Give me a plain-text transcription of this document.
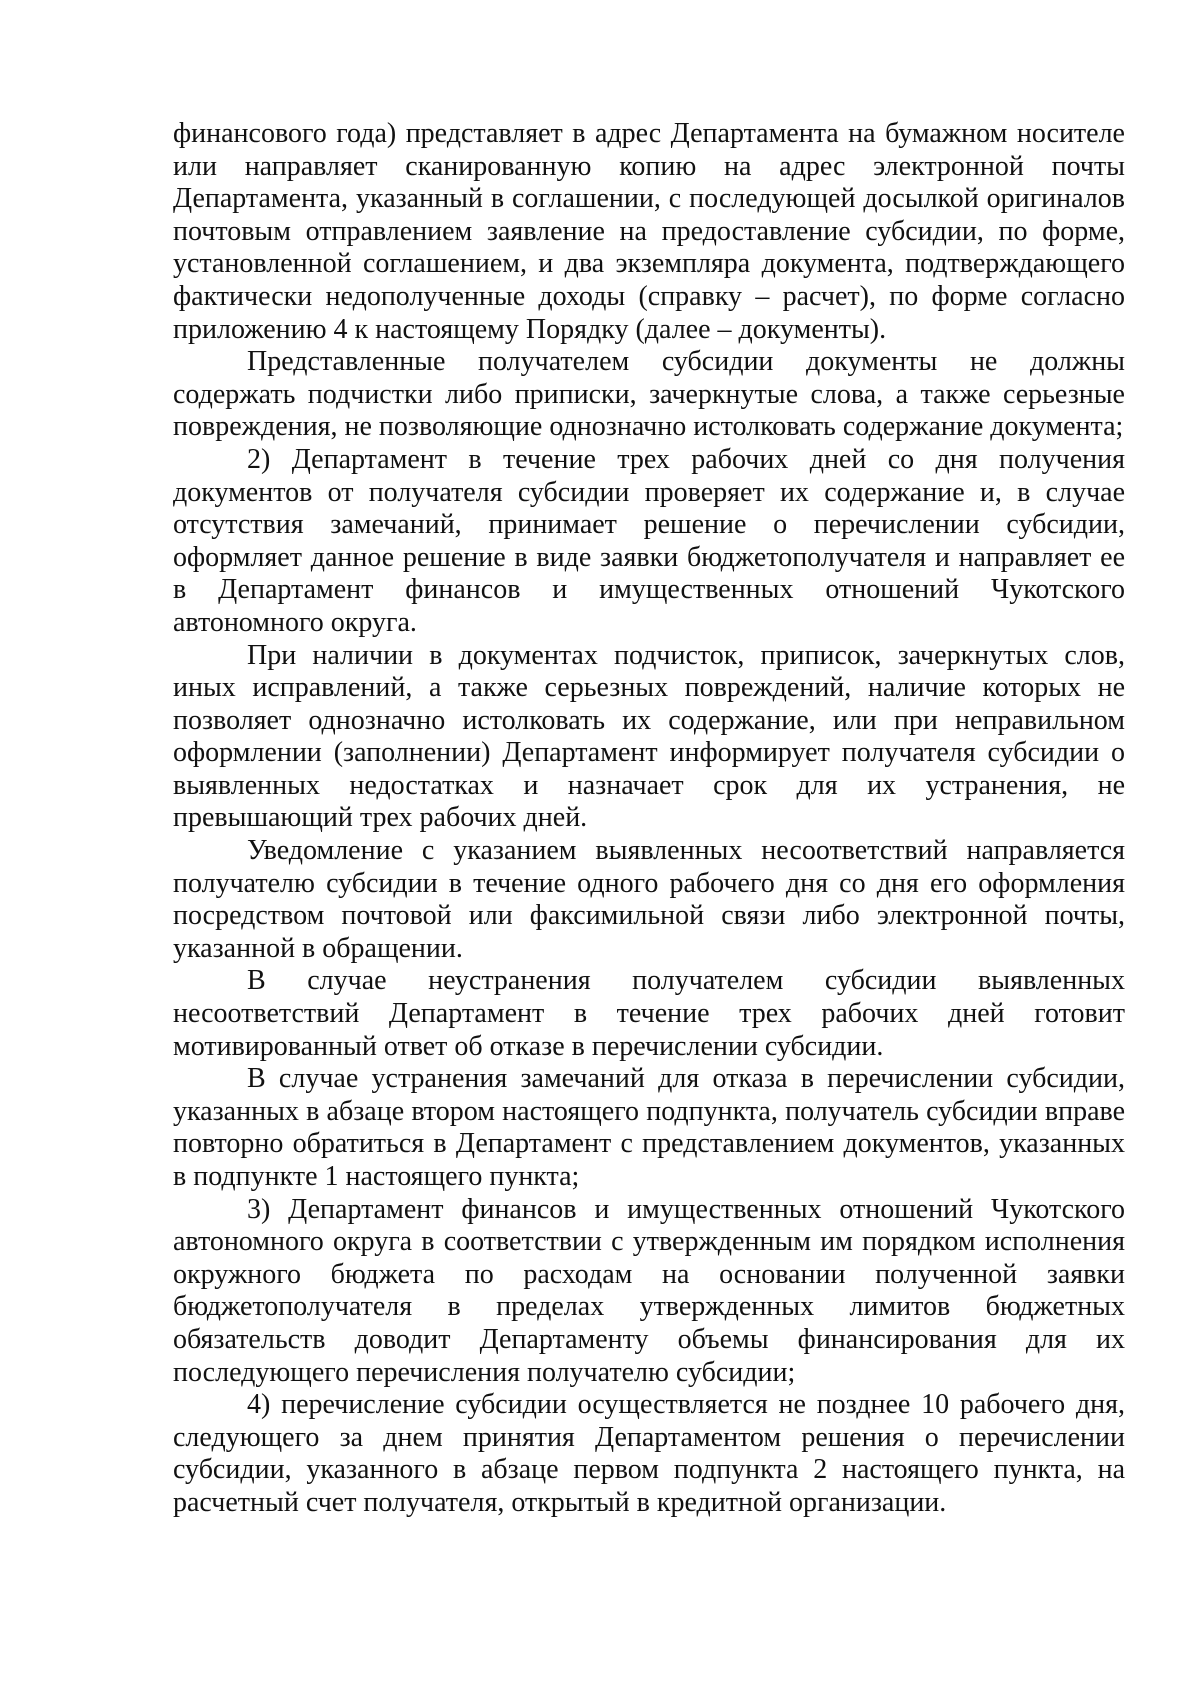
финансового года) представляет в адрес Департамента на бумажном носителе или направляет сканированную копию на адрес электронной почты Департамента, указанный в соглашении, с последующей досылкой оригиналов почтовым отправлением заявление на предоставление субсидии, по форме, установленной соглашением, и два экземпляра документа, подтверждающего фактически недополученные доходы (справку – расчет), по форме согласно приложению 4 к настоящему Порядку (далее – документы).

Представленные получателем субсидии документы не должны содержать подчистки либо приписки, зачеркнутые слова, а также серьезные повреждения, не позволяющие однозначно истолковать содержание документа;

2) Департамент в течение трех рабочих дней со дня получения документов от получателя субсидии проверяет их содержание и, в случае отсутствия замечаний, принимает решение о перечислении субсидии, оформляет данное решение в виде заявки бюджетополучателя и направляет ее в Департамент финансов и имущественных отношений Чукотского автономного округа.

При наличии в документах подчисток, приписок, зачеркнутых слов, иных исправлений, а также серьезных повреждений, наличие которых не позволяет однозначно истолковать их содержание, или при неправильном оформлении (заполнении) Департамент информирует получателя субсидии о выявленных недостатках и назначает срок для их устранения, не превышающий трех рабочих дней.

Уведомление с указанием выявленных несоответствий направляется получателю субсидии в течение одного рабочего дня со дня его оформления посредством почтовой или факсимильной связи либо электронной почты, указанной в обращении.

В случае неустранения получателем субсидии выявленных несоответствий Департамент в течение трех рабочих дней готовит мотивированный ответ об отказе в перечислении субсидии.

В случае устранения замечаний для отказа в перечислении субсидии, указанных в абзаце втором настоящего подпункта, получатель субсидии вправе повторно обратиться в Департамент с представлением документов, указанных в подпункте 1 настоящего пункта;

3) Департамент финансов и имущественных отношений Чукотского автономного округа в соответствии с утвержденным им порядком исполнения окружного бюджета по расходам на основании полученной заявки бюджетополучателя в пределах утвержденных лимитов бюджетных обязательств доводит Департаменту объемы финансирования для их последующего перечисления получателю субсидии;

4) перечисление субсидии осуществляется не позднее 10 рабочего дня, следующего за днем принятия Департаментом решения о перечислении субсидии, указанного в абзаце первом подпункта 2 настоящего пункта, на расчетный счет получателя, открытый в кредитной организации.
